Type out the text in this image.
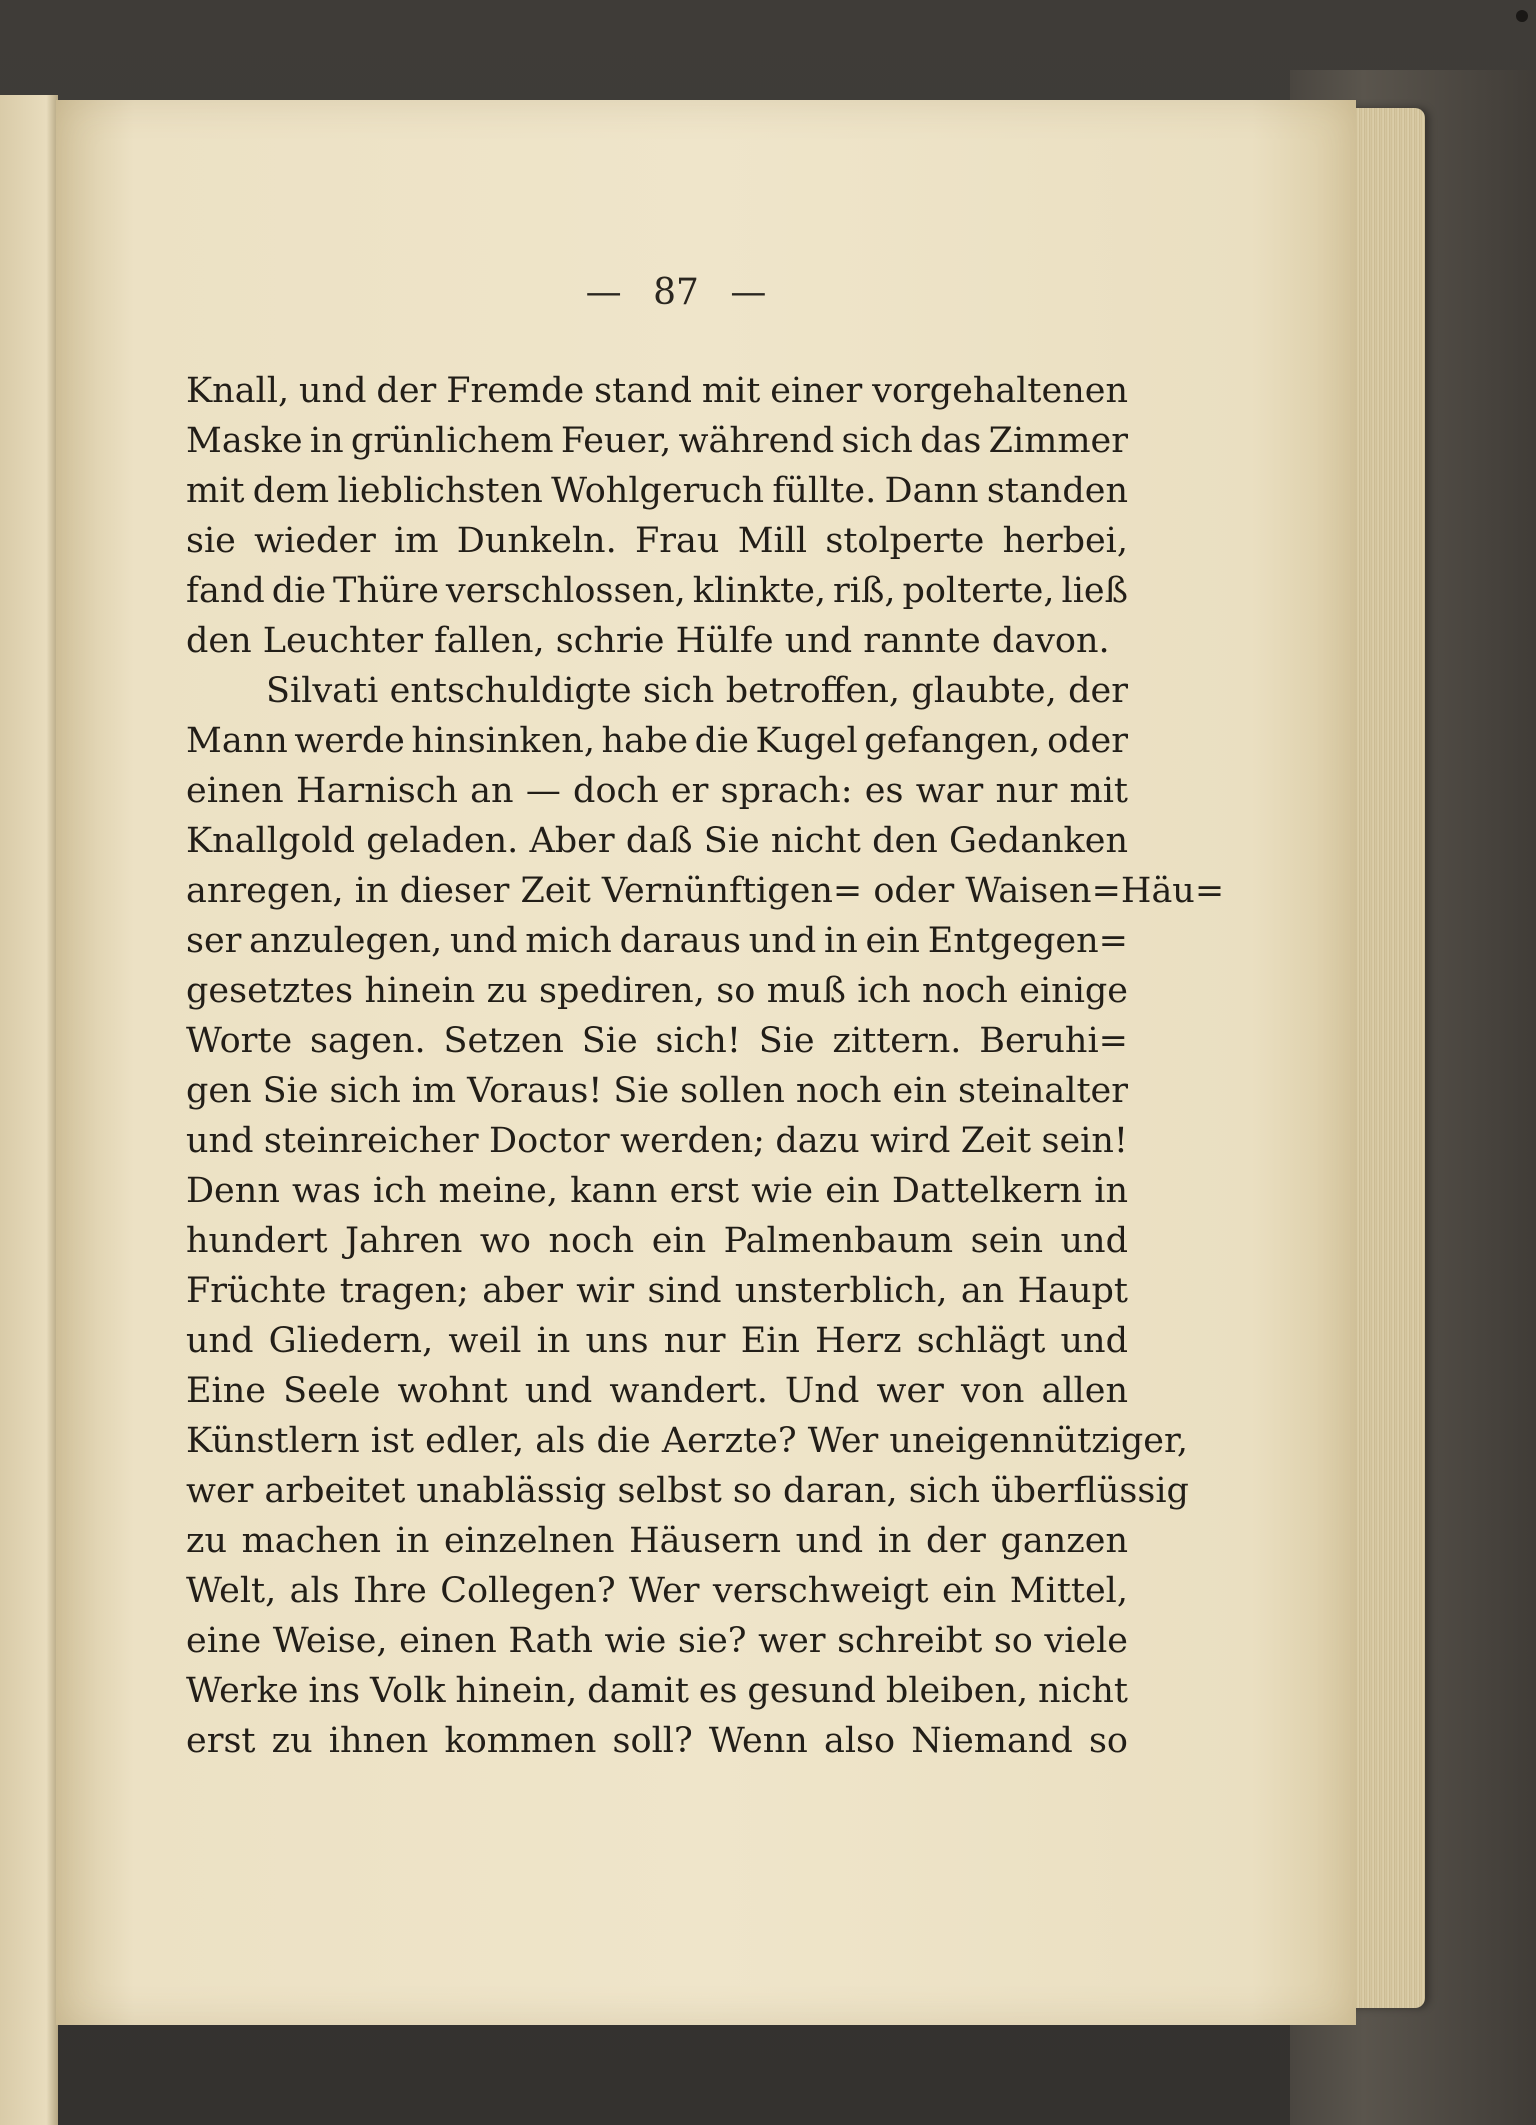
— 87 —
Knall, und der Fremde stand mit einer vorgehaltenen
Maske in grünlichem Feuer, während sich das Zimmer
mit dem lieblichsten Wohlgeruch füllte. Dann standen
sie wieder im Dunkeln. Frau Mill stolperte herbei,
fand die Thüre verschlossen, klinkte, riß, polterte, ließ
den Leuchter fallen, schrie Hülfe und rannte davon.
Silvati entschuldigte sich betroffen, glaubte, der
Mann werde hinsinken, habe die Kugel gefangen, oder
einen Harnisch an — doch er sprach: es war nur mit
Knallgold geladen. Aber daß Sie nicht den Gedanken
anregen, in dieser Zeit Vernünftigen= oder Waisen=Häu=
ser anzulegen, und mich daraus und in ein Entgegen=
gesetztes hinein zu spediren, so muß ich noch einige
Worte sagen. Setzen Sie sich! Sie zittern. Beruhi=
gen Sie sich im Voraus! Sie sollen noch ein steinalter
und steinreicher Doctor werden; dazu wird Zeit sein!
Denn was ich meine, kann erst wie ein Dattelkern in
hundert Jahren wo noch ein Palmenbaum sein und
Früchte tragen; aber wir sind unsterblich, an Haupt
und Gliedern, weil in uns nur Ein Herz schlägt und
Eine Seele wohnt und wandert. Und wer von allen
Künstlern ist edler, als die Aerzte? Wer uneigennütziger,
wer arbeitet unablässig selbst so daran, sich überflüssig
zu machen in einzelnen Häusern und in der ganzen
Welt, als Ihre Collegen? Wer verschweigt ein Mittel,
eine Weise, einen Rath wie sie? wer schreibt so viele
Werke ins Volk hinein, damit es gesund bleiben, nicht
erst zu ihnen kommen soll? Wenn also Niemand so
